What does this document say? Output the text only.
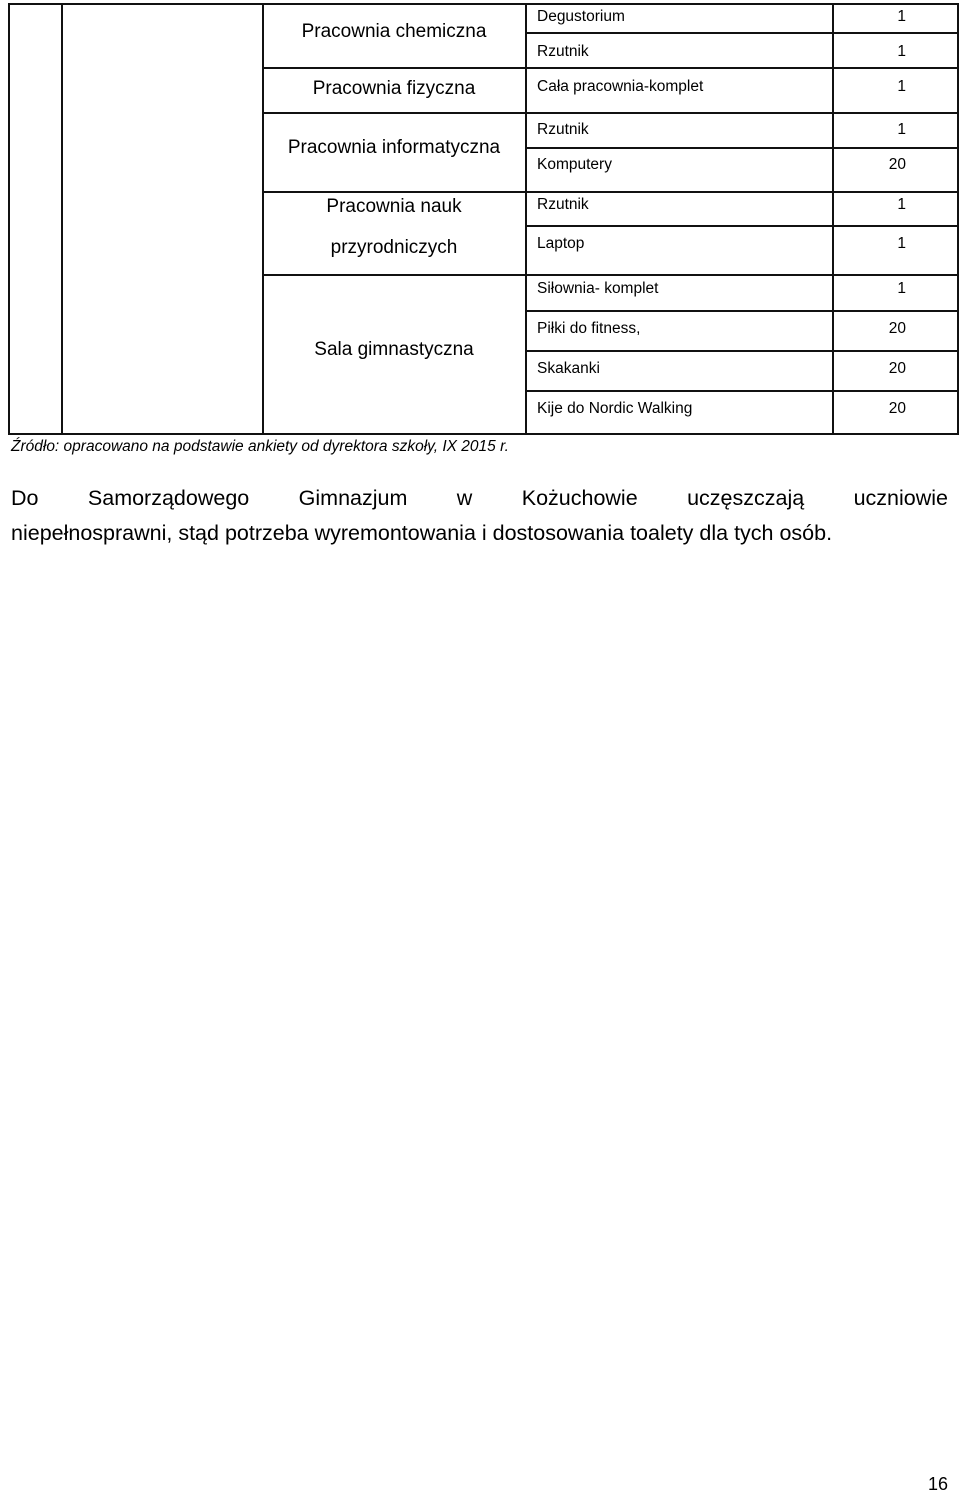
Pracownia chemiczna
Pracownia fizyczna
Pracownia informatyczna
Pracownia nauk
przyrodniczych
Sala gimnastyczna
Degustorium
Rzutnik
Cała pracownia-komplet
Rzutnik
Komputery
Rzutnik
Laptop
Siłownia- komplet
Piłki do fitness,
Skakanki
Kije do Nordic Walking
1
1
1
1
20
1
1
1
20
20
20
Źródło: opracowano na podstawie ankiety od dyrektora szkoły, IX 2015 r.
Do Samorządowego Gimnazjum w Kożuchowie uczęszczają uczniowie
niepełnosprawni, stąd potrzeba wyremontowania i dostosowania toalety dla tych osób.
16
